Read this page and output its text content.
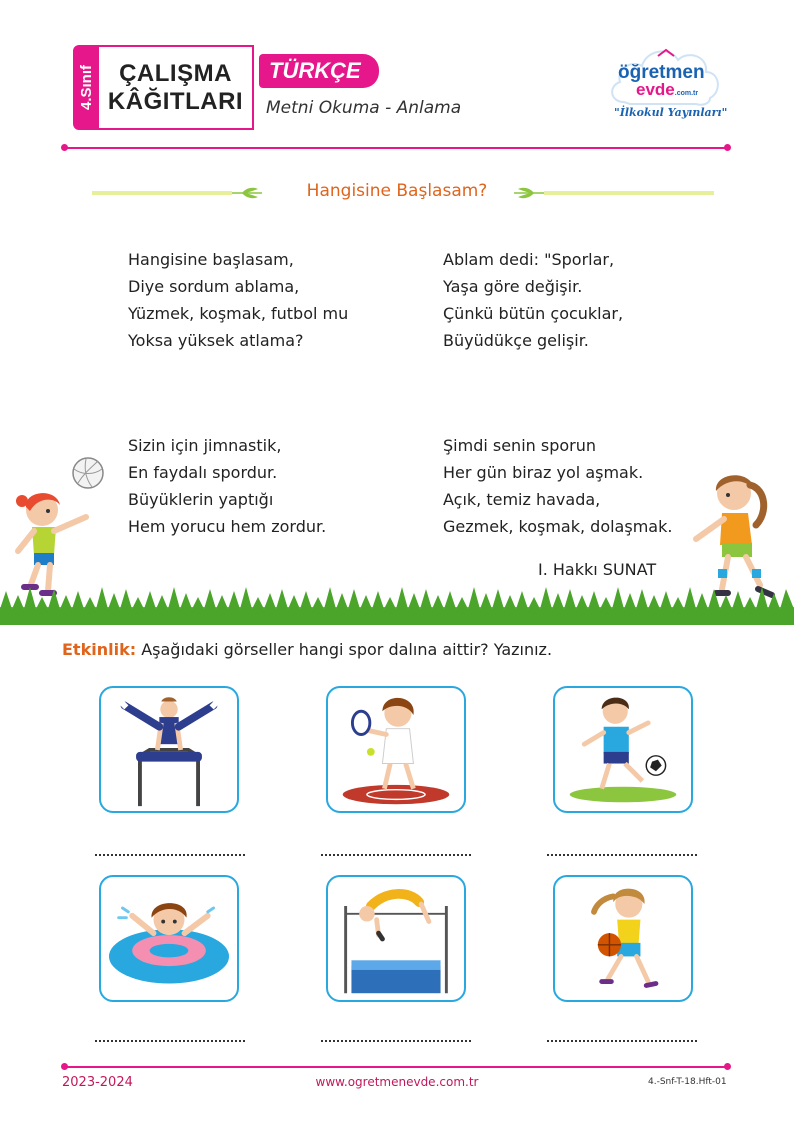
4.Sınıf ÇALIŞMA
KÂĞITLARI
TÜRKÇE
Metni Okuma - Anlama
öğretmen
evde.com.tr
"İlkokul Yayınları"
Hangisine Başlasam?
Hangisine başlasam,
Diye sordum ablama,
Yüzmek, koşmak, futbol mu
Yoksa yüksek atlama?
Ablam dedi: "Sporlar,
Yaşa göre değişir.
Çünkü bütün çocuklar,
Büyüdükçe gelişir.
Sizin için jimnastik,
En faydalı spordur.
Büyüklerin yaptığı
Hem yorucu hem zordur.
Şimdi senin sporun
Her gün biraz yol aşmak.
Açık, temiz havada,
Gezmek, koşmak, dolaşmak.
I. Hakkı SUNAT
Etkinlik: Aşağıdaki görseller hangi spor dalına aittir? Yazınız.
2023-2024	www.ogretmenevde.com.tr	4.-Snf-T-18.Hft-01
